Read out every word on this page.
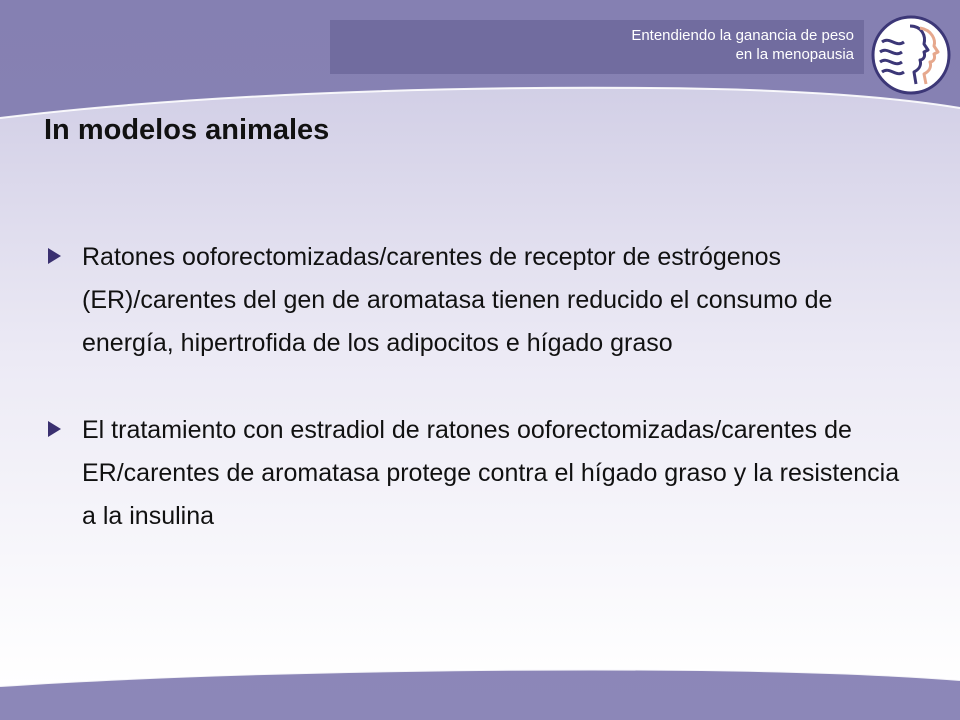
Entendiendo la ganancia de peso
en la menopausia
In modelos animales
Ratones ooforectomizadas/carentes de receptor de estrógenos (ER)/carentes del gen de aromatasa tienen reducido el consumo de energía, hipertrofida de los adipocitos e hígado graso
El tratamiento con estradiol de ratones ooforectomizadas/carentes de ER/carentes de aromatasa protege contra el hígado graso y la resistencia a la insulina
